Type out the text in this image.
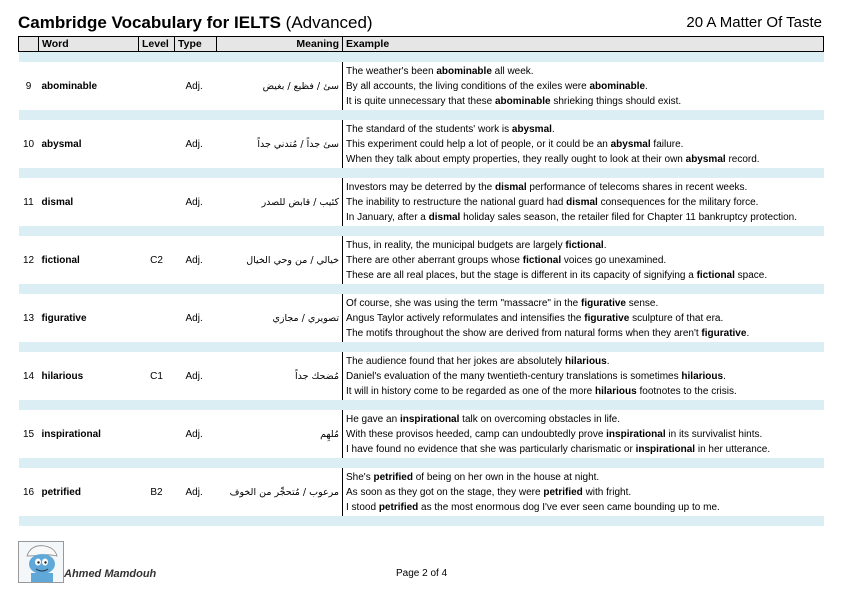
Cambridge Vocabulary for IELTS (Advanced)	20 A Matter Of Taste
	Word	Level	Type	Meaning	Example

9	abominable		Adj.	سئ / فظيع / بغيض	The weather's been abominable all week.
By all accounts, the living conditions of the exiles were abominable.
It is quite unnecessary that these abominable shrieking things should exist.

10	abysmal		Adj.	سئ جداً / مُتدني جداً	The standard of the students' work is abysmal.
This experiment could help a lot of people, or it could be an abysmal failure.
When they talk about empty properties, they really ought to look at their own abysmal record.

11	dismal		Adj.	كئيب / قابض للصدر	Investors may be deterred by the dismal performance of telecoms shares in recent weeks.
The inability to restructure the national guard had dismal consequences for the military force.
In January, after a dismal holiday sales season, the retailer filed for Chapter 11 bankruptcy protection.

12	fictional	C2	Adj.	خيالي / من وحي الخيال	Thus, in reality, the municipal budgets are largely fictional.
There are other aberrant groups whose fictional voices go unexamined.
These are all real places, but the stage is different in its capacity of signifying a fictional space.

13	figurative		Adj.	تصويري / مجازي	Of course, she was using the term "massacre" in the figurative sense.
Angus Taylor actively reformulates and intensifies the figurative sculpture of that era.
The motifs throughout the show are derived from natural forms when they aren't figurative.

14	hilarious	C1	Adj.	مُضحك جداً	The audience found that her jokes are absolutely hilarious.
Daniel's evaluation of the many twentieth-century translations is sometimes hilarious.
It will in history come to be regarded as one of the more hilarious footnotes to the crisis.

15	inspirational		Adj.	مُلهِم	He gave an inspirational talk on overcoming obstacles in life.
With these provisos heeded, camp can undoubtedly prove inspirational in its survivalist hints.
I have found no evidence that she was particularly charismatic or inspirational in her utterance.

16	petrified	B2	Adj.	مرعوب / مُتحجِّر من الخوف	She's petrified of being on her own in the house at night.
As soon as they got on the stage, they were petrified with fright.
I stood petrified as the most enormous dog I've ever seen came bounding up to me.

Ahmed Mamdouh	Page 2 of 4
